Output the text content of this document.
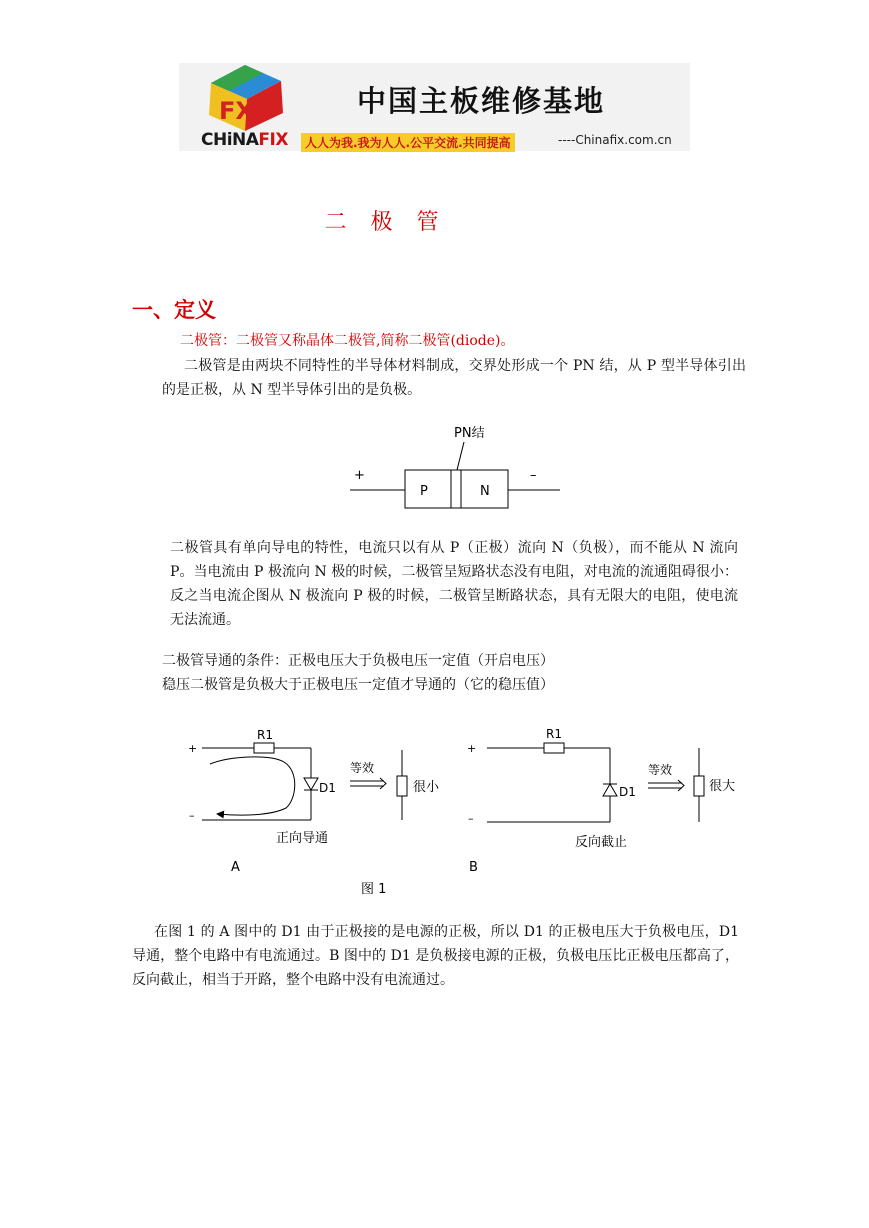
FX
CHiNAFIX
中国主板维修基地
人人为我.我为人人.公平交流.共同提高	----Chinafix.com.cn
二极管
一、定义
二极管：二极管又称晶体二极管,简称二极管(diode)。
二极管是由两块不同特性的半导体材料制成，交界处形成一个 PN 结，从 P 型半导体引出的是正极，从 N 型半导体引出的是负极。
PN结
+	–
P	N
二极管具有单向导电的特性，电流只以有从 P（正极）流向 N（负极），而不能从 N 流向 P。当电流由 P 极流向 N 极的时候，二极管呈短路状态没有电阻，对电流的流通阻碍很小：反之当电流企图从 N 极流向 P 极的时候，二极管呈断路状态，具有无限大的电阻，使电流无法流通。
二极管导通的条件：正极电压大于负极电压一定值（开启电压）
稳压二极管是负极大于正极电压一定值才导通的（它的稳压值）
+
–
R1
D1
等效
很小
正向导通
A
+
–
R1
D1
等效
很大
反向截止
B
图 1
在图 1 的 A 图中的 D1 由于正极接的是电源的正极，所以 D1 的正极电压大于负极电压，D1 导通，整个电路中有电流通过。B 图中的 D1 是负极接电源的正极，负极电压比正极电压都高了，反向截止，相当于开路，整个电路中没有电流通过。
